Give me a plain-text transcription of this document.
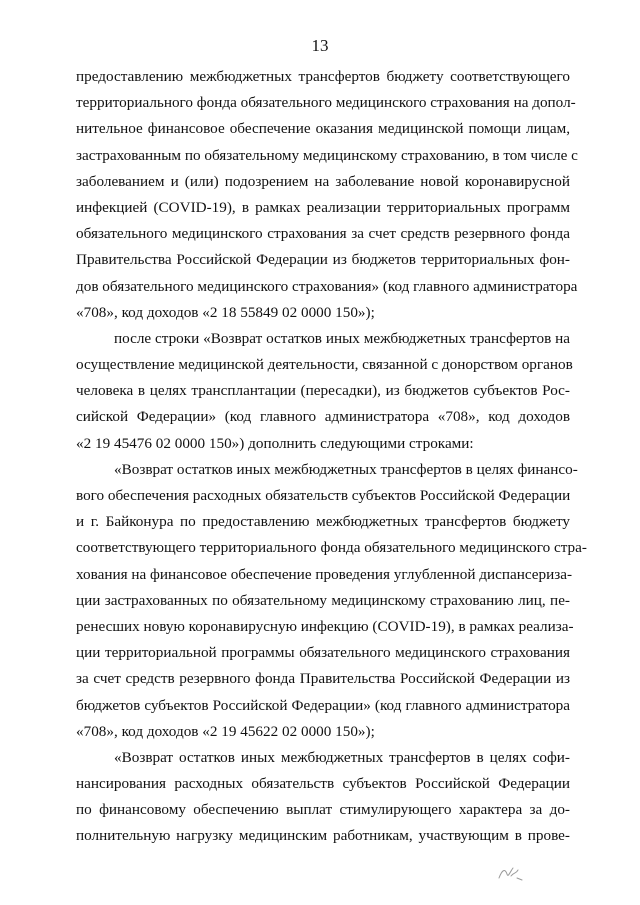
13
предоставлению межбюджетных трансфертов бюджету соответствующего
территориального фонда обязательного медицинского страхования на допол-
нительное финансовое обеспечение оказания медицинской помощи лицам,
застрахованным по обязательному медицинскому страхованию, в том числе с
заболеванием и (или) подозрением на заболевание новой коронавирусной
инфекцией (COVID-19), в рамках реализации территориальных программ
обязательного медицинского страхования за счет средств резервного фонда
Правительства Российской Федерации из бюджетов территориальных фон-
дов обязательного медицинского страхования» (код главного администратора
«708», код доходов «2 18 55849 02 0000 150»);
после строки «Возврат остатков иных межбюджетных трансфертов на
осуществление медицинской деятельности, связанной с донорством органов
человека в целях трансплантации (пересадки), из бюджетов субъектов Рос-
сийской Федерации» (код главного администратора «708», код доходов
«2 19 45476 02 0000 150») дополнить следующими строками:
«Возврат остатков иных межбюджетных трансфертов в целях финансо-
вого обеспечения расходных обязательств субъектов Российской Федерации
и г. Байконура по предоставлению межбюджетных трансфертов бюджету
соответствующего территориального фонда обязательного медицинского стра-
хования на финансовое обеспечение проведения углубленной диспансериза-
ции застрахованных по обязательному медицинскому страхованию лиц, пе-
ренесших новую коронавирусную инфекцию (COVID-19), в рамках реализа-
ции территориальной программы обязательного медицинского страхования
за счет средств резервного фонда Правительства Российской Федерации из
бюджетов субъектов Российской Федерации» (код главного администратора
«708», код доходов «2 19 45622 02 0000 150»);
«Возврат остатков иных межбюджетных трансфертов в целях софи-
нансирования расходных обязательств субъектов Российской Федерации
по финансовому обеспечению выплат стимулирующего характера за до-
полнительную нагрузку медицинским работникам, участвующим в прове-
